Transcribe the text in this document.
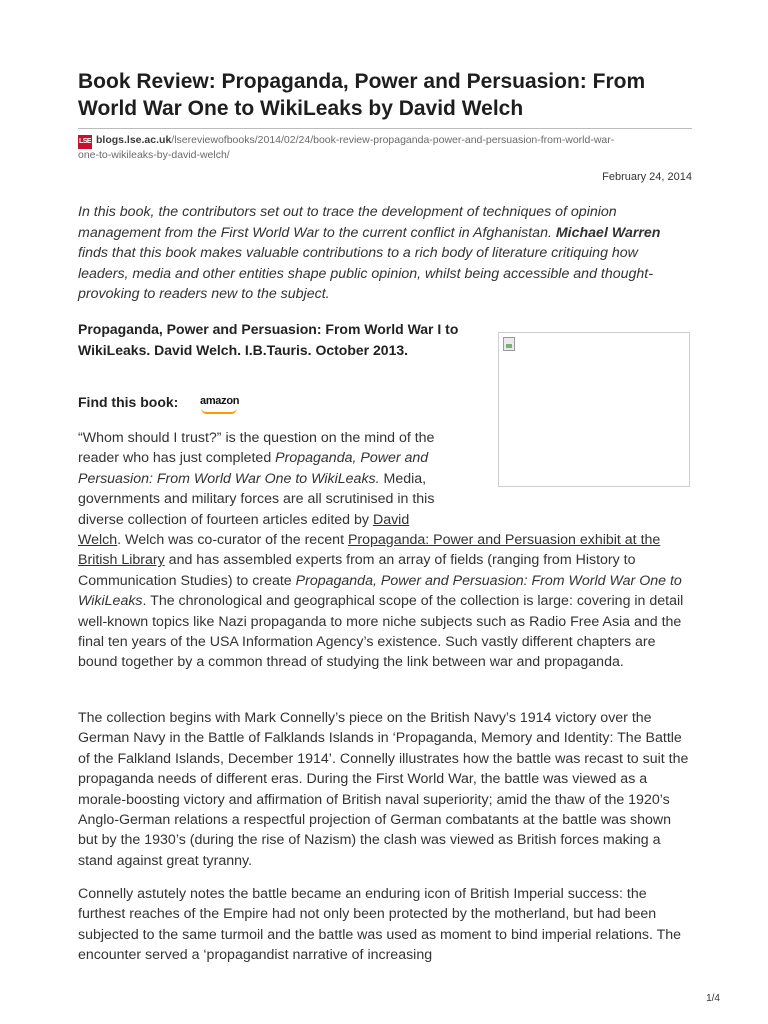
Book Review: Propaganda, Power and Persuasion: From World War One to WikiLeaks by David Welch
LSE blogs.lse.ac.uk/lsereviewofbooks/2014/02/24/book-review-propaganda-power-and-persuasion-from-world-war-
one-to-wikileaks-by-david-welch/
February 24, 2014

In this book, the contributors set out to trace the development of techniques of opinion management from the First World War to the current conflict in Afghanistan. Michael Warren finds that this book makes valuable contributions to a rich body of literature critiquing how leaders, media and other entities shape public opinion, whilst being accessible and thought-provoking to readers new to the subject.

Propaganda, Power and Persuasion: From World War I to WikiLeaks. David Welch. I.B.Tauris. October 2013.

Find this book: amazon

“Whom should I trust?” is the question on the mind of the
reader who has just completed Propaganda, Power and
Persuasion: From World War One to WikiLeaks. Media,
governments and military forces are all scrutinised in this
diverse collection of fourteen articles edited by David
Welch. Welch was co-curator of the recent Propaganda: Power and Persuasion exhibit at the British Library and has assembled experts from an array of fields (ranging from History to Communication Studies) to create Propaganda, Power and Persuasion: From World War One to WikiLeaks. The chronological and geographical scope of the collection is large: covering in detail well-known topics like Nazi propaganda to more niche subjects such as Radio Free Asia and the final ten years of the USA Information Agency’s existence. Such vastly different chapters are bound together by a common thread of studying the link between war and propaganda.

The collection begins with Mark Connelly’s piece on the British Navy’s 1914 victory over the German Navy in the Battle of Falklands Islands in ‘Propaganda, Memory and Identity: The Battle of the Falkland Islands, December 1914’. Connelly illustrates how the battle was recast to suit the propaganda needs of different eras. During the First World War, the battle was viewed as a morale-boosting victory and affirmation of British naval superiority; amid the thaw of the 1920’s Anglo-German relations a respectful projection of German combatants at the battle was shown but by the 1930’s (during the rise of Nazism) the clash was viewed as British forces making a stand against great tyranny.

Connelly astutely notes the battle became an enduring icon of British Imperial success: the furthest reaches of the Empire had not only been protected by the motherland, but had been subjected to the same turmoil and the battle was used as moment to bind imperial relations. The encounter served a ‘propagandist narrative of increasing

1/4
